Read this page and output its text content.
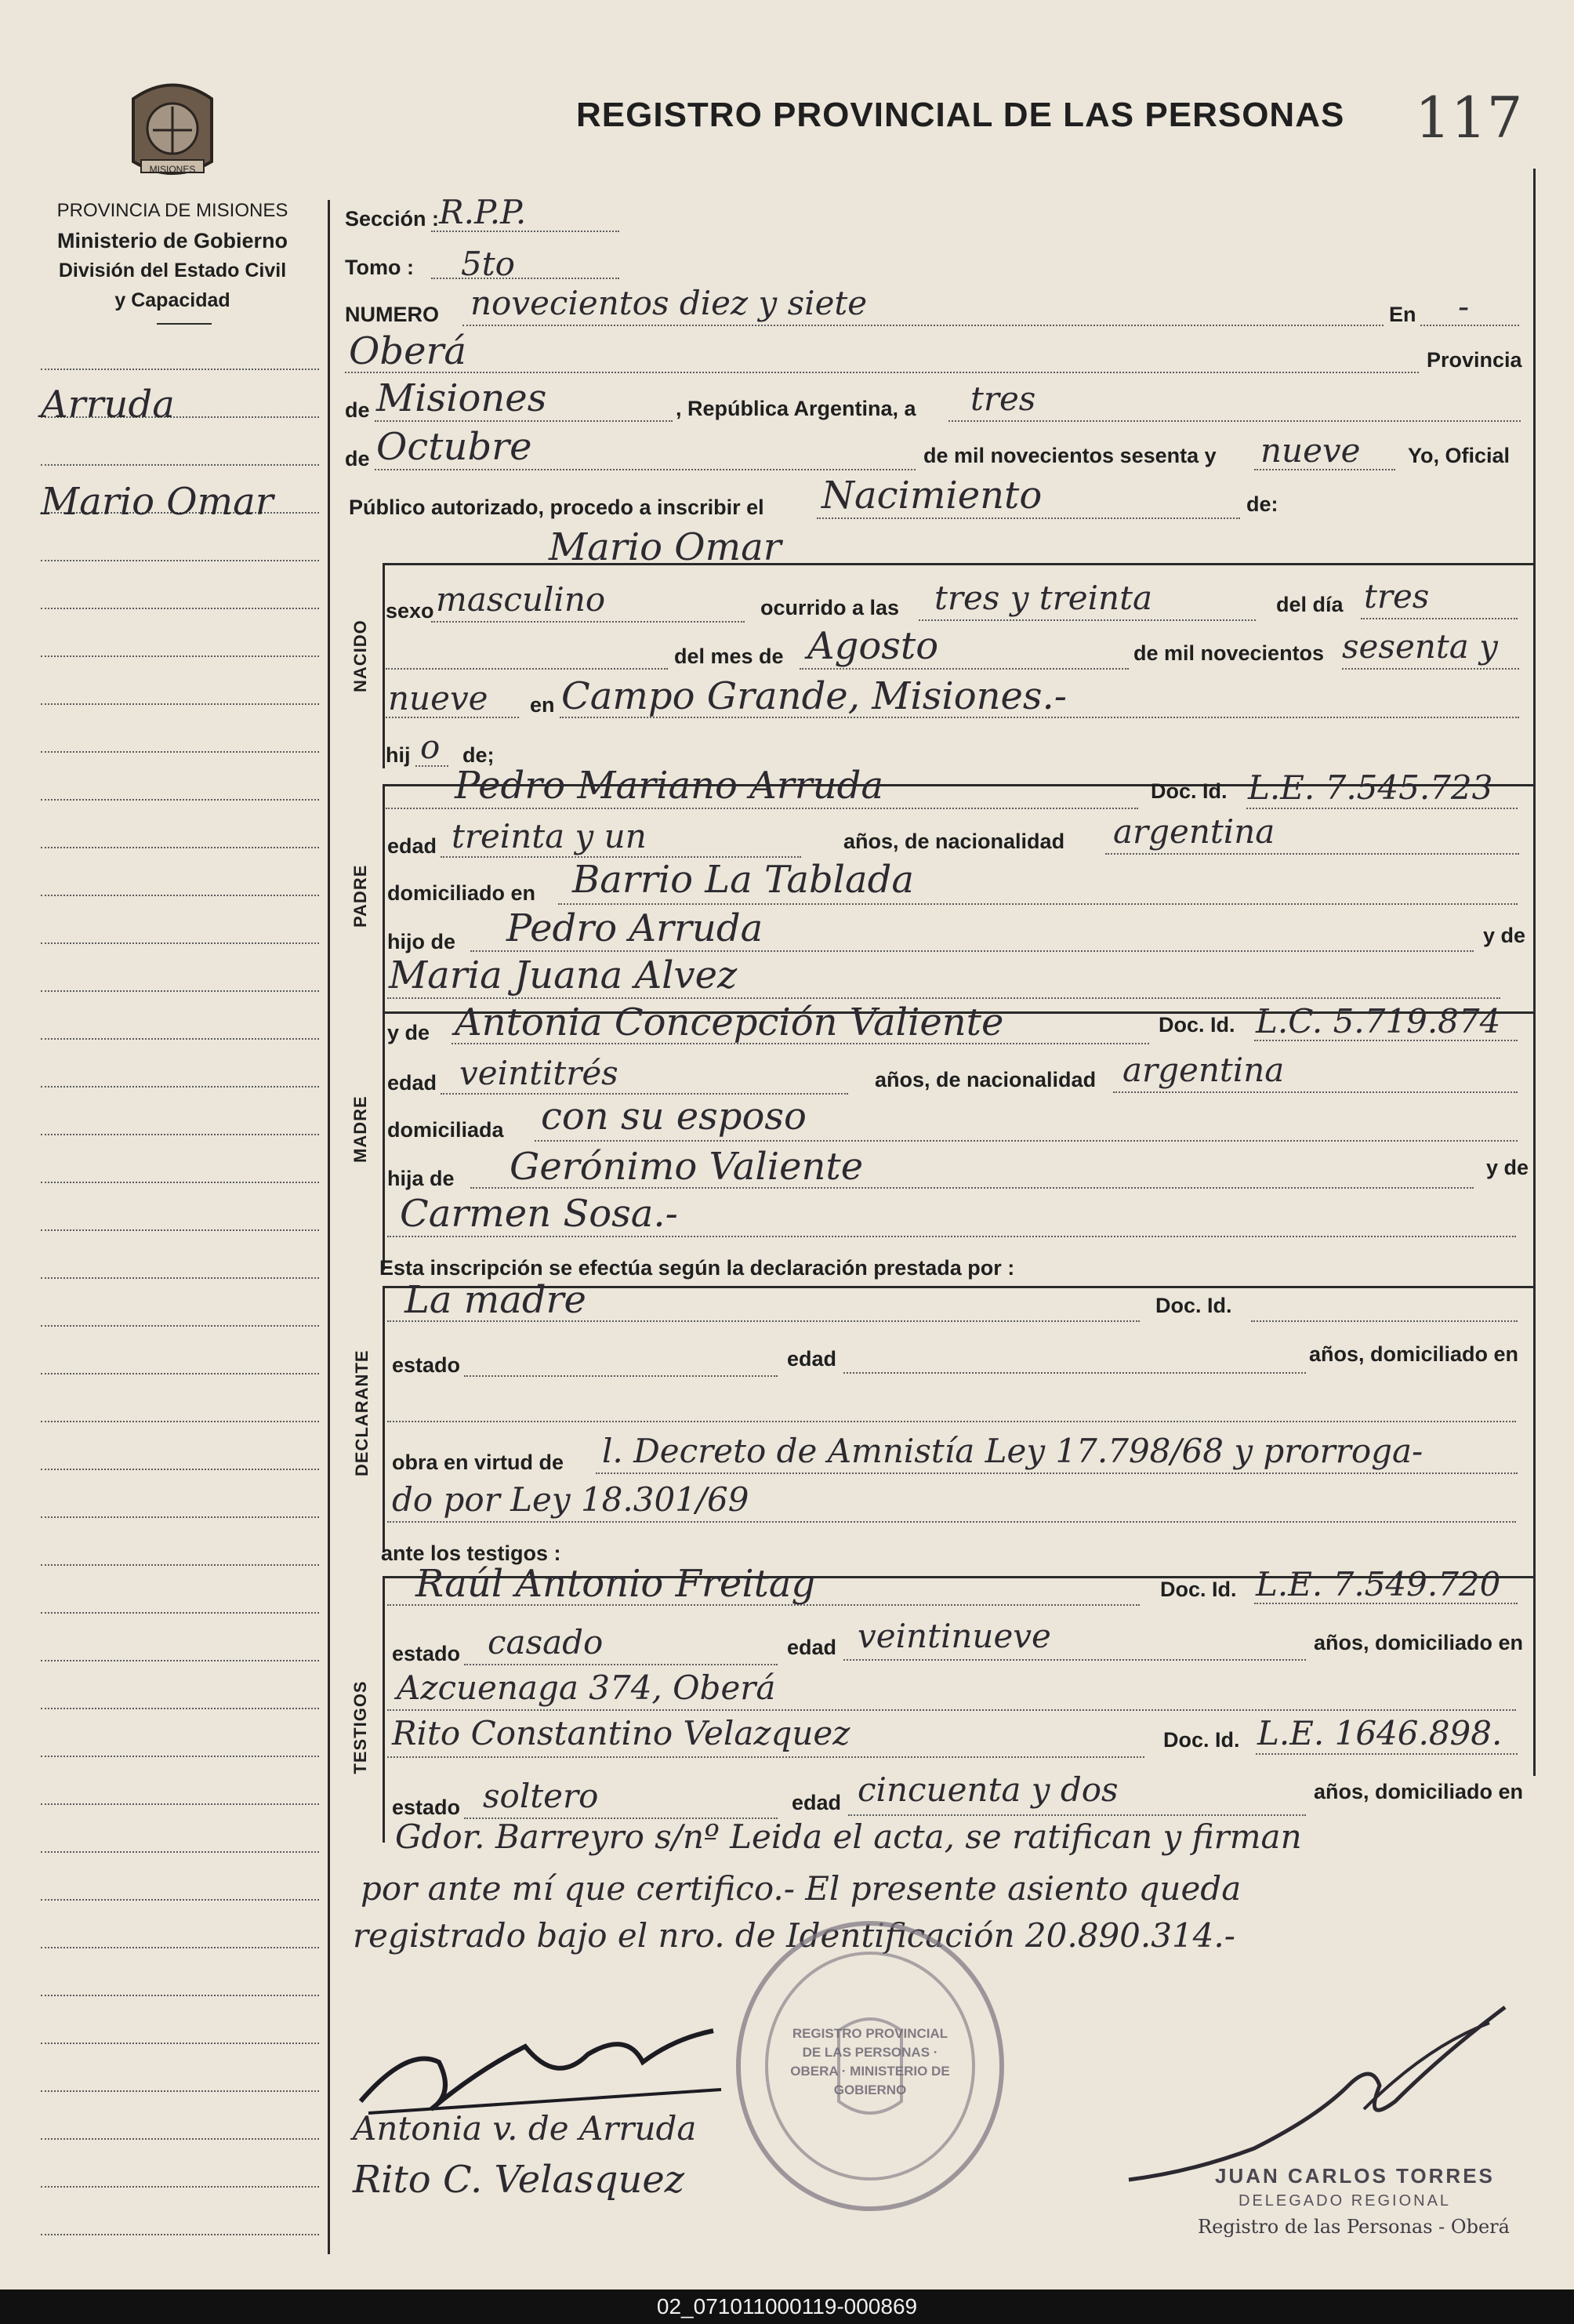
MISIONES
PROVINCIA DE MISIONES
Ministerio de Gobierno
División del Estado Civil
y Capacidad
REGISTRO PROVINCIAL DE LAS PERSONAS 117
Arruda
Mario Omar
Sección : R.P.P.
Tomo : 5to
NUMERO novecientos diez y siete	En -
Oberá	Provincia
de Misiones	, República Argentina, a tres
de Octubre	de mil novecientos sesenta y nueve Yo, Oficial
Público autorizado, procedo a inscribir el Nacimiento	de:
Mario Omar
NACIDO
sexo masculino	ocurrido a las tres y treinta	del día tres
del mes de Agosto	de mil novecientos sesenta y
nueve en Campo Grande, Misiones.-
hij o de;
PADRE
Pedro Mariano Arruda	Doc. Id. L.E. 7.545.723
edad treinta y un	años, de nacionalidad argentina
domiciliado en Barrio La Tablada
hijo de Pedro Arruda	y de
Maria Juana Alvez
MADRE
y de Antonia Concepción Valiente	Doc. Id. L.C. 5.719.874
edad veintitrés	años, de nacionalidad argentina
domiciliada con su esposo
hija de Gerónimo Valiente	y de
Carmen Sosa.-
Esta inscripción se efectúa según la declaración prestada por :
DECLARANTE
La madre	Doc. Id.
estado	edad	años, domiciliado en
obra en virtud de l. Decreto de Amnistía Ley 17.798/68 y prorroga-
do por Ley 18.301/69
ante los testigos :
TESTIGOS
Raúl Antonio Freitag	Doc. Id. L.E. 7.549.720
estado casado	edad veintinueve	años, domiciliado en
Azcuenaga 374, Oberá
Rito Constantino Velazquez	Doc. Id. L.E. 1646.898.
estado soltero	edad cincuenta y dos	años, domiciliado en
Gdor. Barreyro s/nº Leida el acta, se ratifican y firman
por ante mí que certifico.- El presente asiento queda
registrado bajo el nro. de Identificación 20.890.314.-
REGISTRO PROVINCIAL DE LAS PERSONAS · OBERA · MINISTERIO DE GOBIERNO
Antonia v. de Arruda
Rito C. Velasquez	JUAN CARLOS TORRES
DELEGADO REGIONAL
Registro de las Personas - Oberá
02_071011000119-000869
